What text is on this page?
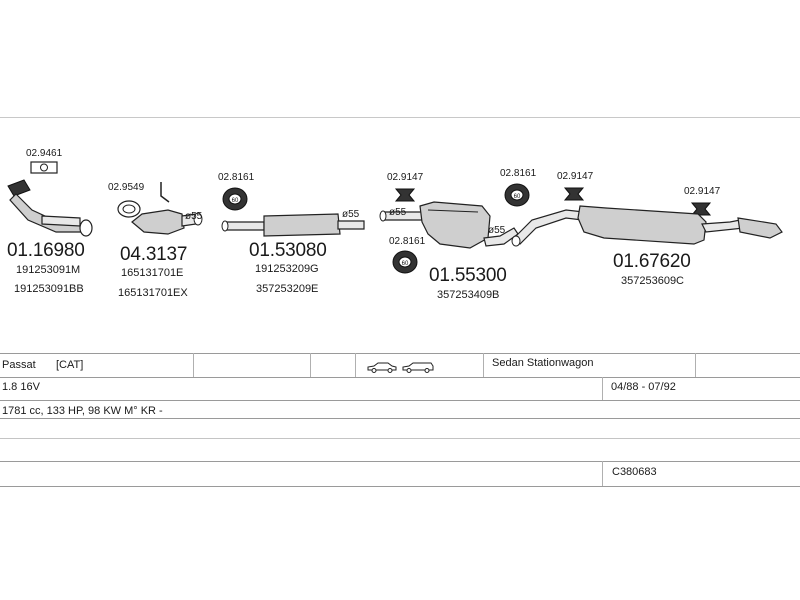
02.9461
01.16980
191253091M
191253091BB
02.9549
ø55
04.3137
165131701E
165131701EX
02.8161
60
ø55
01.53080
191253209G
357253209E
02.9147
02.8161
60
ø55
ø55
01.55300
357253409B
02.8161
60
02.9147
02.9147
01.67620
357253609C
Passat [CAT]	Sedan Stationwagon
1.8 16V	04/88 - 07/92
1781 cc, 133 HP, 98 KW M° KR -
C380683
